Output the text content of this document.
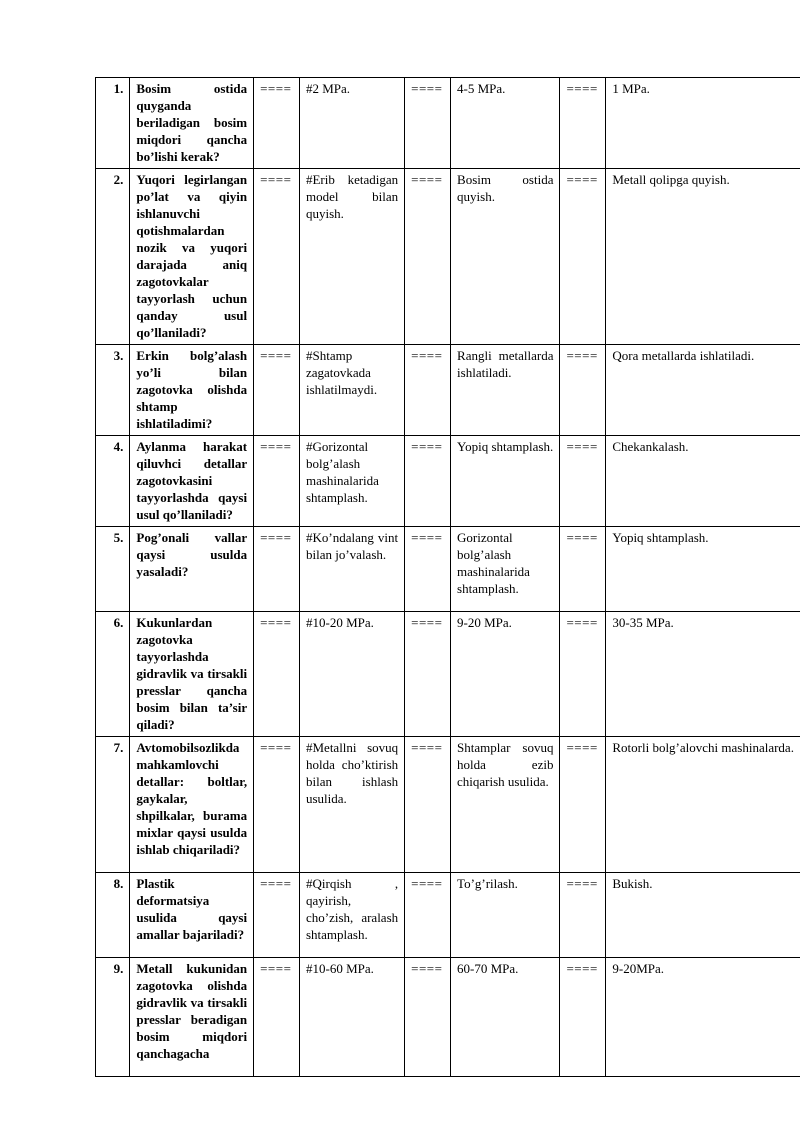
1.	Bosim ostida quyganda beriladigan bosim miqdori qancha bo’lishi kerak?	====	#2 MPa.	====	4-5 MPa.	====	1 MPa.
2.	Yuqori legirlangan po’lat va qiyin ishlanuvchi qotishmalardan nozik va yuqori darajada aniq zagotovkalar tayyorlash uchun qanday usul qo’llaniladi?	====	#Erib ketadigan model bilan quyish.	====	Bosim ostida quyish.	====	Metall qolipga quyish.
3.	Erkin bolg’alash yo’li bilan zagotovka olishda shtamp ishlatiladimi?	====	#Shtamp zagatovkada ishlatilmaydi.	====	Rangli metallarda ishlatiladi.	====	Qora metallarda ishlatiladi.
4.	Aylanma harakat qiluvhci detallar zagotovkasini tayyorlashda qaysi usul qo’llaniladi?	====	#Gorizontal bolg’alash mashinalarida shtamplash.	====	Yopiq shtamplash.	====	Chekankalash.
5.	Pog’onali vallar qaysi usulda yasaladi?	====	#Ko’ndalang vint bilan jo’valash.	====	Gorizontal bolg’alash mashinalarida shtamplash.	====	Yopiq shtamplash.
6.	Kukunlardan zagotovka tayyorlashda gidravlik va tirsakli presslar qancha bosim bilan ta’sir qiladi?	====	#10-20 MPa.	====	9-20 MPa.	====	30-35 MPa.
7.	Avtomobilsozlikda mahkamlovchi detallar: boltlar, gaykalar, shpilkalar, burama mixlar qaysi usulda ishlab chiqariladi?	====	#Metallni sovuq holda cho’ktirish bilan ishlash usulida.	====	Shtamplar sovuq holda ezib chiqarish usulida.	====	Rotorli bolg’alovchi mashinalarda.
8.	Plastik deformatsiya usulida qaysi amallar bajariladi?	====	#Qirqish , qayirish, cho’zish, aralash shtamplash.	====	To’g’rilash.	====	Bukish.
9.	Metall kukunidan zagotovka olishda gidravlik va tirsakli presslar beradigan bosim miqdori qanchagacha	====	#10-60 MPa.	====	60-70 MPa.	====	9-20MPa.
